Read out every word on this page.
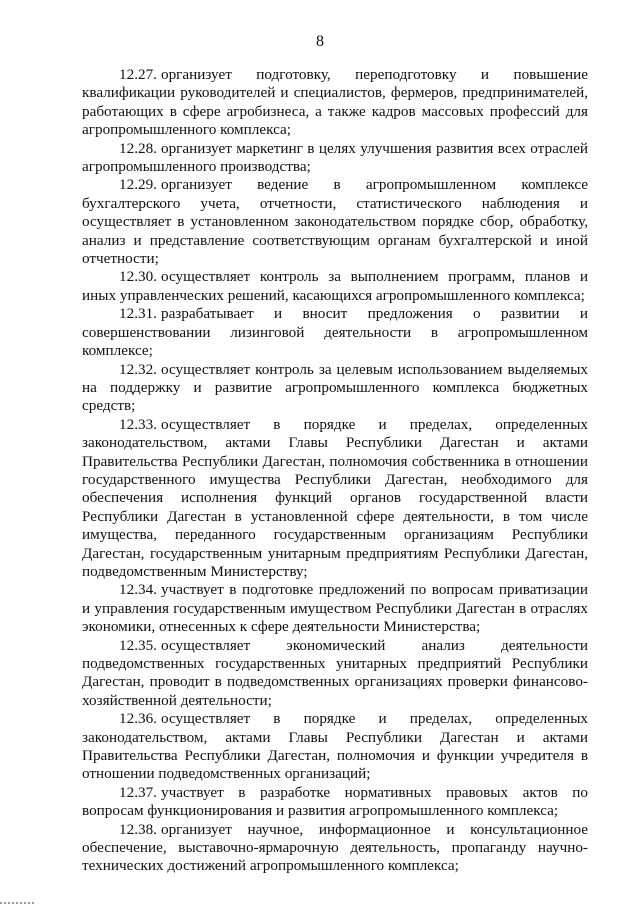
8

12.27. организует подготовку, переподготовку и повышение квалификации руководителей и специалистов, фермеров, предпринимателей, работающих в сфере агробизнеса, а также кадров массовых профессий для агропромышленного комплекса;

12.28. организует маркетинг в целях улучшения развития всех отраслей агропромышленного производства;

12.29. организует ведение в агропромышленном комплексе бухгалтерского учета, отчетности, статистического наблюдения и осуществляет в установленном законодательством порядке сбор, обработку, анализ и представление соответствующим органам бухгалтерской и иной отчетности;

12.30. осуществляет контроль за выполнением программ, планов и иных управленческих решений, касающихся агропромышленного комплекса;

12.31. разрабатывает и вносит предложения о развитии и совершенствовании лизинговой деятельности в агропромышленном комплексе;

12.32. осуществляет контроль за целевым использованием выделяемых на поддержку и развитие агропромышленного комплекса бюджетных средств;

12.33. осуществляет в порядке и пределах, определенных законодательством, актами Главы Республики Дагестан и актами Правительства Республики Дагестан, полномочия собственника в отношении государственного имущества Республики Дагестан, необходимого для обеспечения исполнения функций органов государственной власти Республики Дагестан в установленной сфере деятельности, в том числе имущества, переданного государственным организациям Республики Дагестан, государственным унитарным предприятиям Республики Дагестан, подведомственным Министерству;

12.34. участвует в подготовке предложений по вопросам приватизации и управления государственным имуществом Республики Дагестан в отраслях экономики, отнесенных к сфере деятельности Министерства;

12.35. осуществляет экономический анализ деятельности подведомственных государственных унитарных предприятий Республики Дагестан, проводит в подведомственных организациях проверки финансово-хозяйственной деятельности;

12.36. осуществляет в порядке и пределах, определенных законодательством, актами Главы Республики Дагестан и актами Правительства Республики Дагестан, полномочия и функции учредителя в отношении подведомственных организаций;

12.37. участвует в разработке нормативных правовых актов по вопросам функционирования и развития агропромышленного комплекса;

12.38. организует научное, информационное и консультационное обеспечение, выставочно-ярмарочную деятельность, пропаганду научно-технических достижений агропромышленного комплекса;
